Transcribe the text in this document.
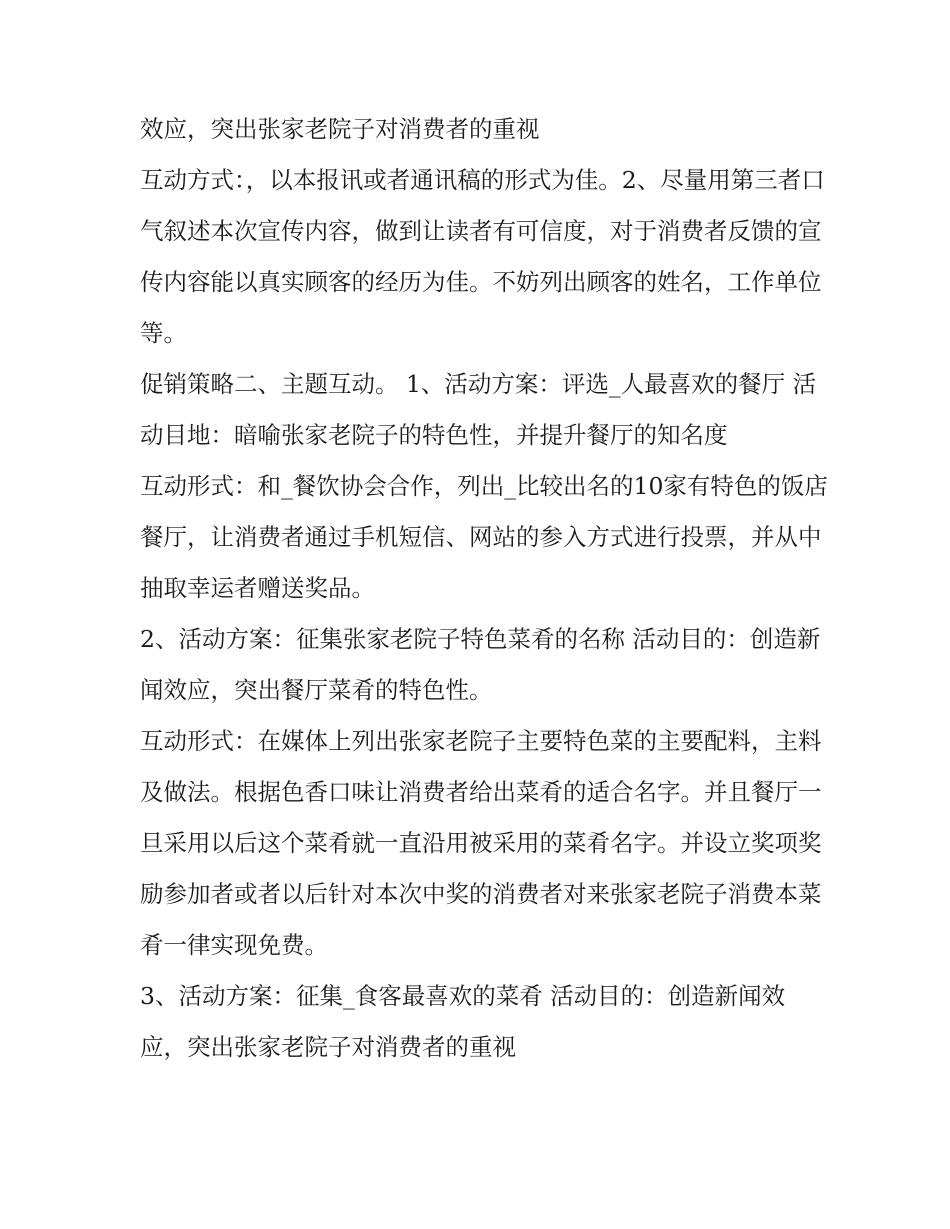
效应，突出张家老院子对消费者的重视

互动方式：，以本报讯或者通讯稿的形式为佳。2、尽量用第三者口气叙述本次宣传内容，做到让读者有可信度，对于消费者反馈的宣传内容能以真实顾客的经历为佳。不妨列出顾客的姓名，工作单位等。

促销策略二、主题互动。 1、活动方案：评选_人最喜欢的餐厅 活动目地：暗喻张家老院子的特色性，并提升餐厅的知名度

互动形式：和_餐饮协会合作，列出_比较出名的10家有特色的饭店餐厅，让消费者通过手机短信、网站的参入方式进行投票，并从中抽取幸运者赠送奖品。

2、活动方案：征集张家老院子特色菜肴的名称 活动目的：创造新闻效应，突出餐厅菜肴的特色性。

互动形式：在媒体上列出张家老院子主要特色菜的主要配料，主料及做法。根据色香口味让消费者给出菜肴的适合名字。并且餐厅一旦采用以后这个菜肴就一直沿用被采用的菜肴名字。并设立奖项奖励参加者或者以后针对本次中奖的消费者对来张家老院子消费本菜肴一律实现免费。

3、活动方案：征集_食客最喜欢的菜肴 活动目的：创造新闻效应，突出张家老院子对消费者的重视
